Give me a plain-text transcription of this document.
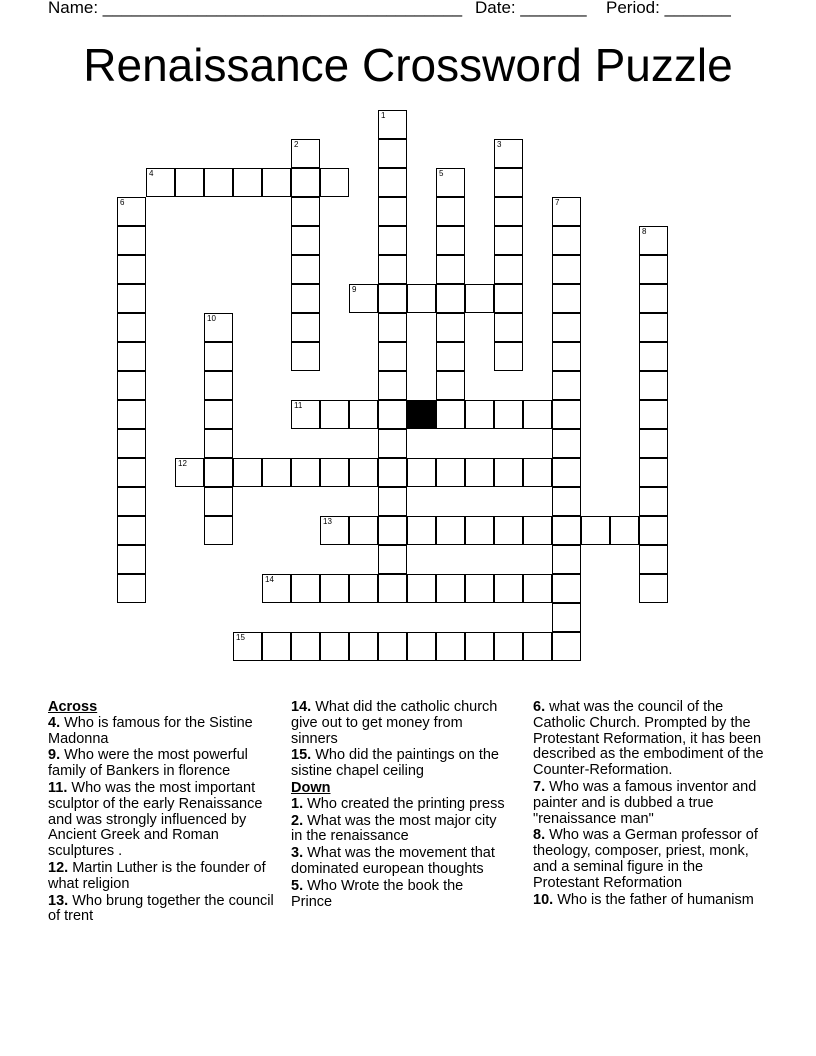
Name: ______________________________________ Date: _______ Period: _______
Renaissance Crossword Puzzle
1
2	3
4	5
6	7
8
9
10
11
12
13
14
15
Across
4. Who is famous for the Sistine Madonna
9. Who were the most powerful family of Bankers in florence
11. Who was the most important sculptor of the early Renaissance and was strongly influenced by Ancient Greek and Roman sculptures .
12. Martin Luther is the founder of what religion
13. Who brung together the council of trent
14. What did the catholic church give out to get money from sinners
15. Who did the paintings on the sistine chapel ceiling
Down
1. Who created the printing press
2. What was the most major city in the renaissance
3. What was the movement that dominated european thoughts
5. Who Wrote the book the Prince
6. what was the council of the Catholic Church. Prompted by the Protestant Reformation, it has been described as the embodiment of the Counter-Reformation.
7. Who was a famous inventor and painter and is dubbed a true "renaissance man"
8. Who was a German professor of theology, composer, priest, monk, and a seminal figure in the Protestant Reformation
10. Who is the father of humanism
